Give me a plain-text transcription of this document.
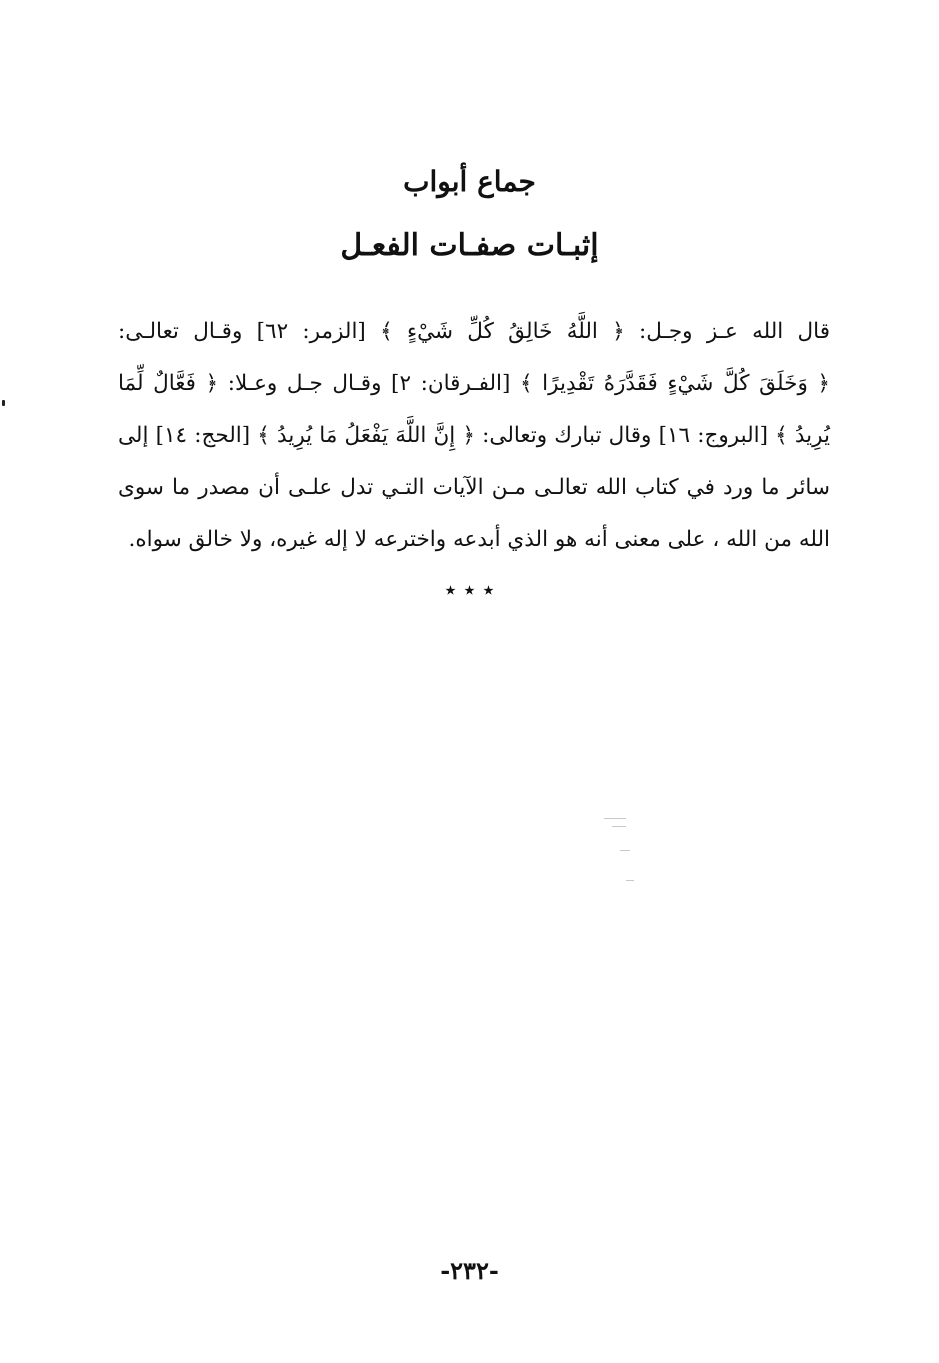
جماع أبواب
إثبـات صفـات الفعـل
قال الله عـز وجـل: ﴿ اللَّهُ خَالِقُ كُلِّ شَيْءٍ ﴾ [الزمر: ٦٢] وقـال تعالـى:
﴿ وَخَلَقَ كُلَّ شَيْءٍ فَقَدَّرَهُ تَقْدِيرًا ﴾ [الفـرقان: ٢] وقـال جـل وعـلا: ﴿ فَعَّالٌ لِّمَا
يُرِيدُ ﴾ [البروج: ١٦] وقال تبارك وتعالى: ﴿ إِنَّ اللَّهَ يَفْعَلُ مَا يُرِيدُ ﴾ [الحج: ١٤] إلى
سائر ما ورد في كتاب الله تعالـى مـن الآيات التـي تدل علـى أن مصدر ما سوى
الله من الله ، على معنى أنه هو الذي أبدعه واخترعه لا إله غيره، ولا خالق سواه.
٭ ٭ ٭
-٢٣٢-
